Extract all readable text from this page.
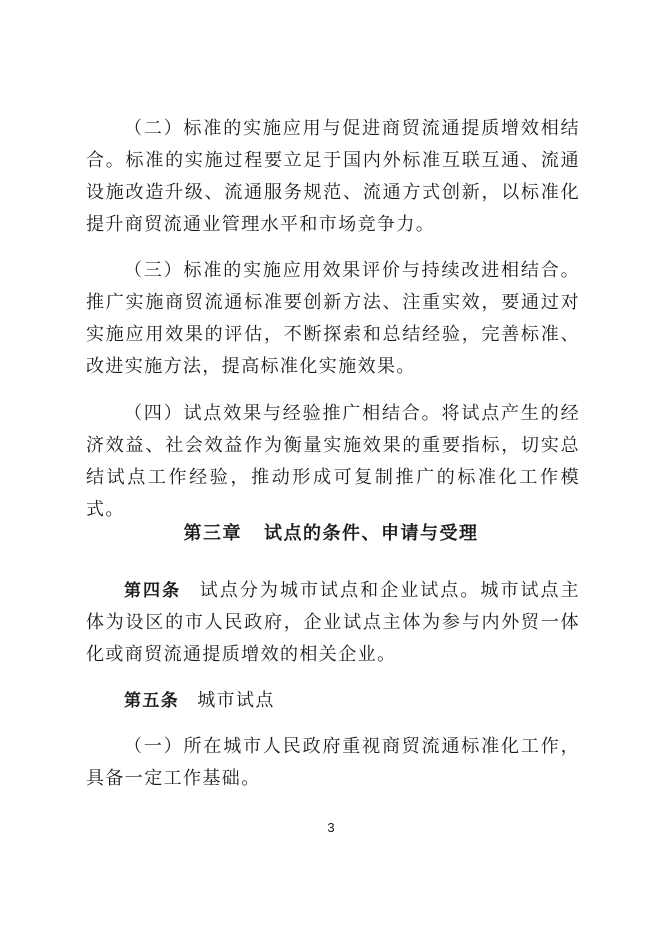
（二）标准的实施应用与促进商贸流通提质增效相结合。标准的实施过程要立足于国内外标准互联互通、流通设施改造升级、流通服务规范、流通方式创新，以标准化提升商贸流通业管理水平和市场竞争力。

（三）标准的实施应用效果评价与持续改进相结合。推广实施商贸流通标准要创新方法、注重实效，要通过对实施应用效果的评估，不断探索和总结经验，完善标准、改进实施方法，提高标准化实施效果。

（四）试点效果与经验推广相结合。将试点产生的经济效益、社会效益作为衡量实施效果的重要指标，切实总结试点工作经验，推动形成可复制推广的标准化工作模式。

第三章 试点的条件、申请与受理

第四条 试点分为城市试点和企业试点。城市试点主体为设区的市人民政府，企业试点主体为参与内外贸一体化或商贸流通提质增效的相关企业。

第五条 城市试点

（一）所在城市人民政府重视商贸流通标准化工作，具备一定工作基础。

3
